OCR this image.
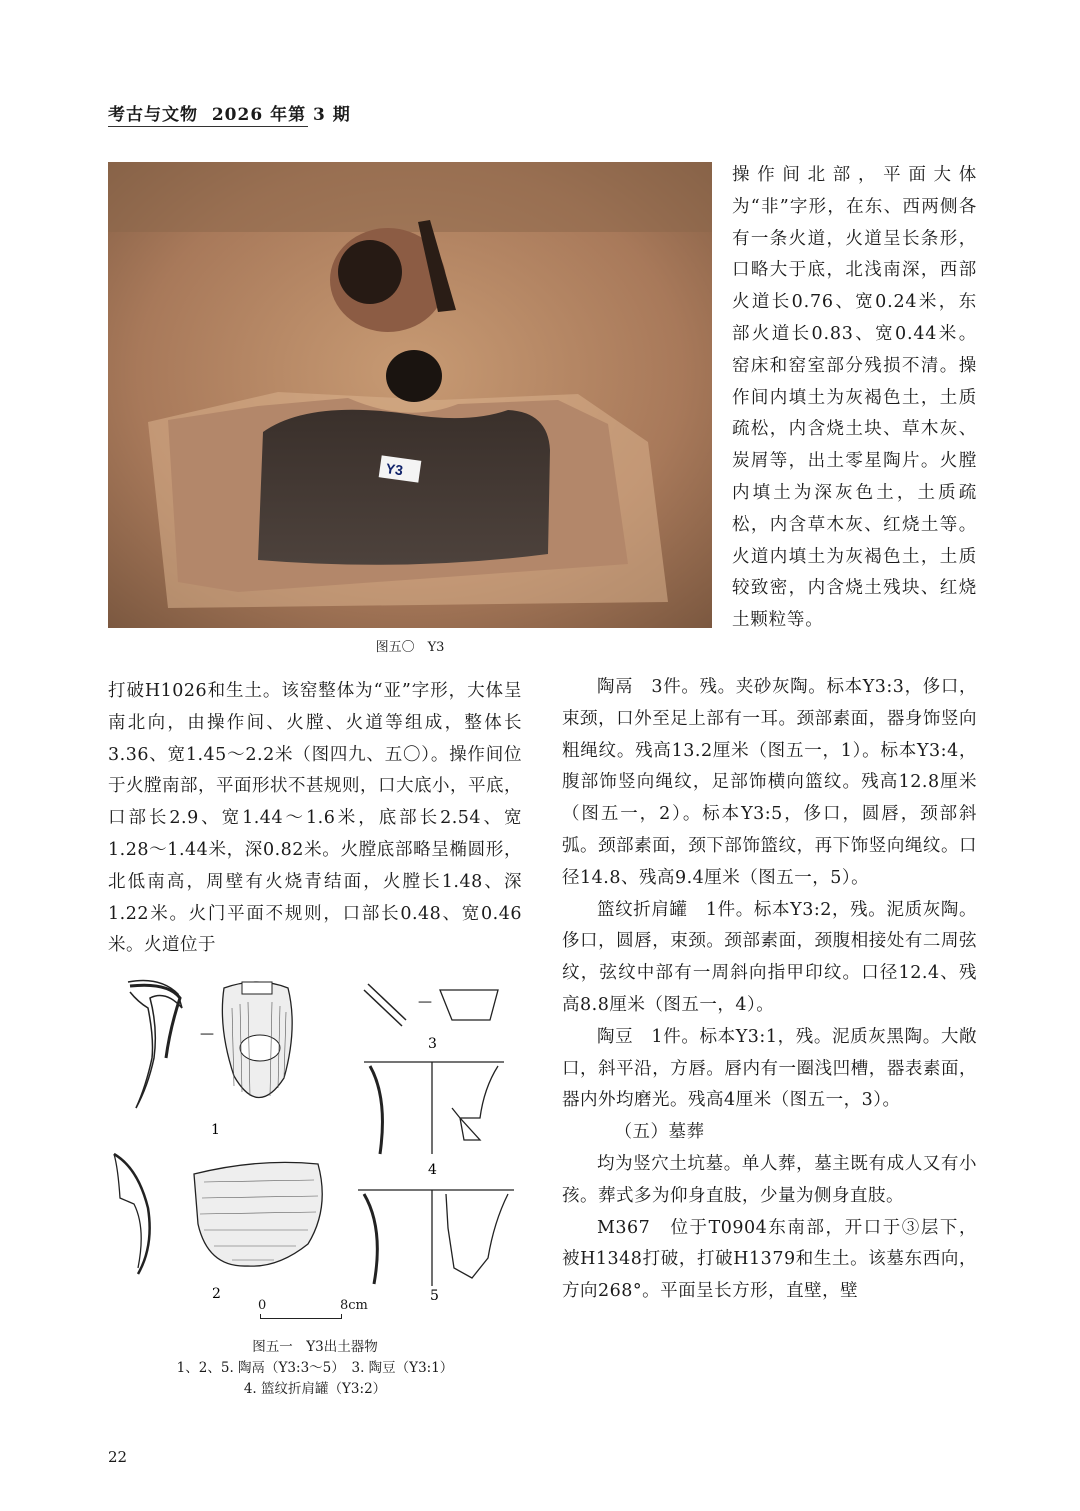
考古与文物 2026 年第 3 期
Y3
图五〇　Y3

操作间北部，平面大体为“非”字形，在东、西两侧各有一条火道，火道呈长条形，口略大于底，北浅南深，西部火道长0.76、宽0.24米，东部火道长0.83、宽0.44米。窑床和窑室部分残损不清。操作间内填土为灰褐色土，土质疏松，内含烧土块、草木灰、炭屑等，出土零星陶片。火膛内填土为深灰色土，土质疏松，内含草木灰、红烧土等。火道内填土为灰褐色土，土质较致密，内含烧土残块、红烧土颗粒等。

打破H1026和生土。该窑整体为“亚”字形，大体呈南北向，由操作间、火膛、火道等组成，整体长3.36、宽1.45～2.2米（图四九、五〇）。操作间位于火膛南部，平面形状不甚规则，口大底小，平底，口部长2.9、宽1.44～1.6米，底部长2.54、宽1.28～1.44米，深0.82米。火膛底部略呈椭圆形，北低南高，周壁有火烧青结面，火膛长1.48、深1.22米。火门平面不规则，口部长0.48、宽0.46米。火道位于

—
1
—
3
4
2	5
0	8cm
图五一　Y3出土器物
1、2、5. 陶鬲（Y3:3～5）　3. 陶豆（Y3:1）
4. 篮纹折肩罐（Y3:2）

陶鬲　3件。残。夹砂灰陶。标本Y3:3，侈口，束颈，口外至足上部有一耳。颈部素面，器身饰竖向粗绳纹。残高13.2厘米（图五一，1）。标本Y3:4，腹部饰竖向绳纹，足部饰横向篮纹。残高12.8厘米（图五一，2）。标本Y3:5，侈口，圆唇，颈部斜弧。颈部素面，颈下部饰篮纹，再下饰竖向绳纹。口径14.8、残高9.4厘米（图五一，5）。

篮纹折肩罐　1件。标本Y3:2，残。泥质灰陶。侈口，圆唇，束颈。颈部素面，颈腹相接处有二周弦纹，弦纹中部有一周斜向指甲印纹。口径12.4、残高8.8厘米（图五一，4）。

陶豆　1件。标本Y3:1，残。泥质灰黑陶。大敞口，斜平沿，方唇。唇内有一圈浅凹槽，器表素面，器内外均磨光。残高4厘米（图五一，3）。

（五）墓葬

均为竖穴土坑墓。单人葬，墓主既有成人又有小孩。葬式多为仰身直肢，少量为侧身直肢。

M367　位于T0904东南部，开口于③层下，被H1348打破，打破H1379和生土。该墓东西向，方向268°。平面呈长方形，直壁，壁

22
